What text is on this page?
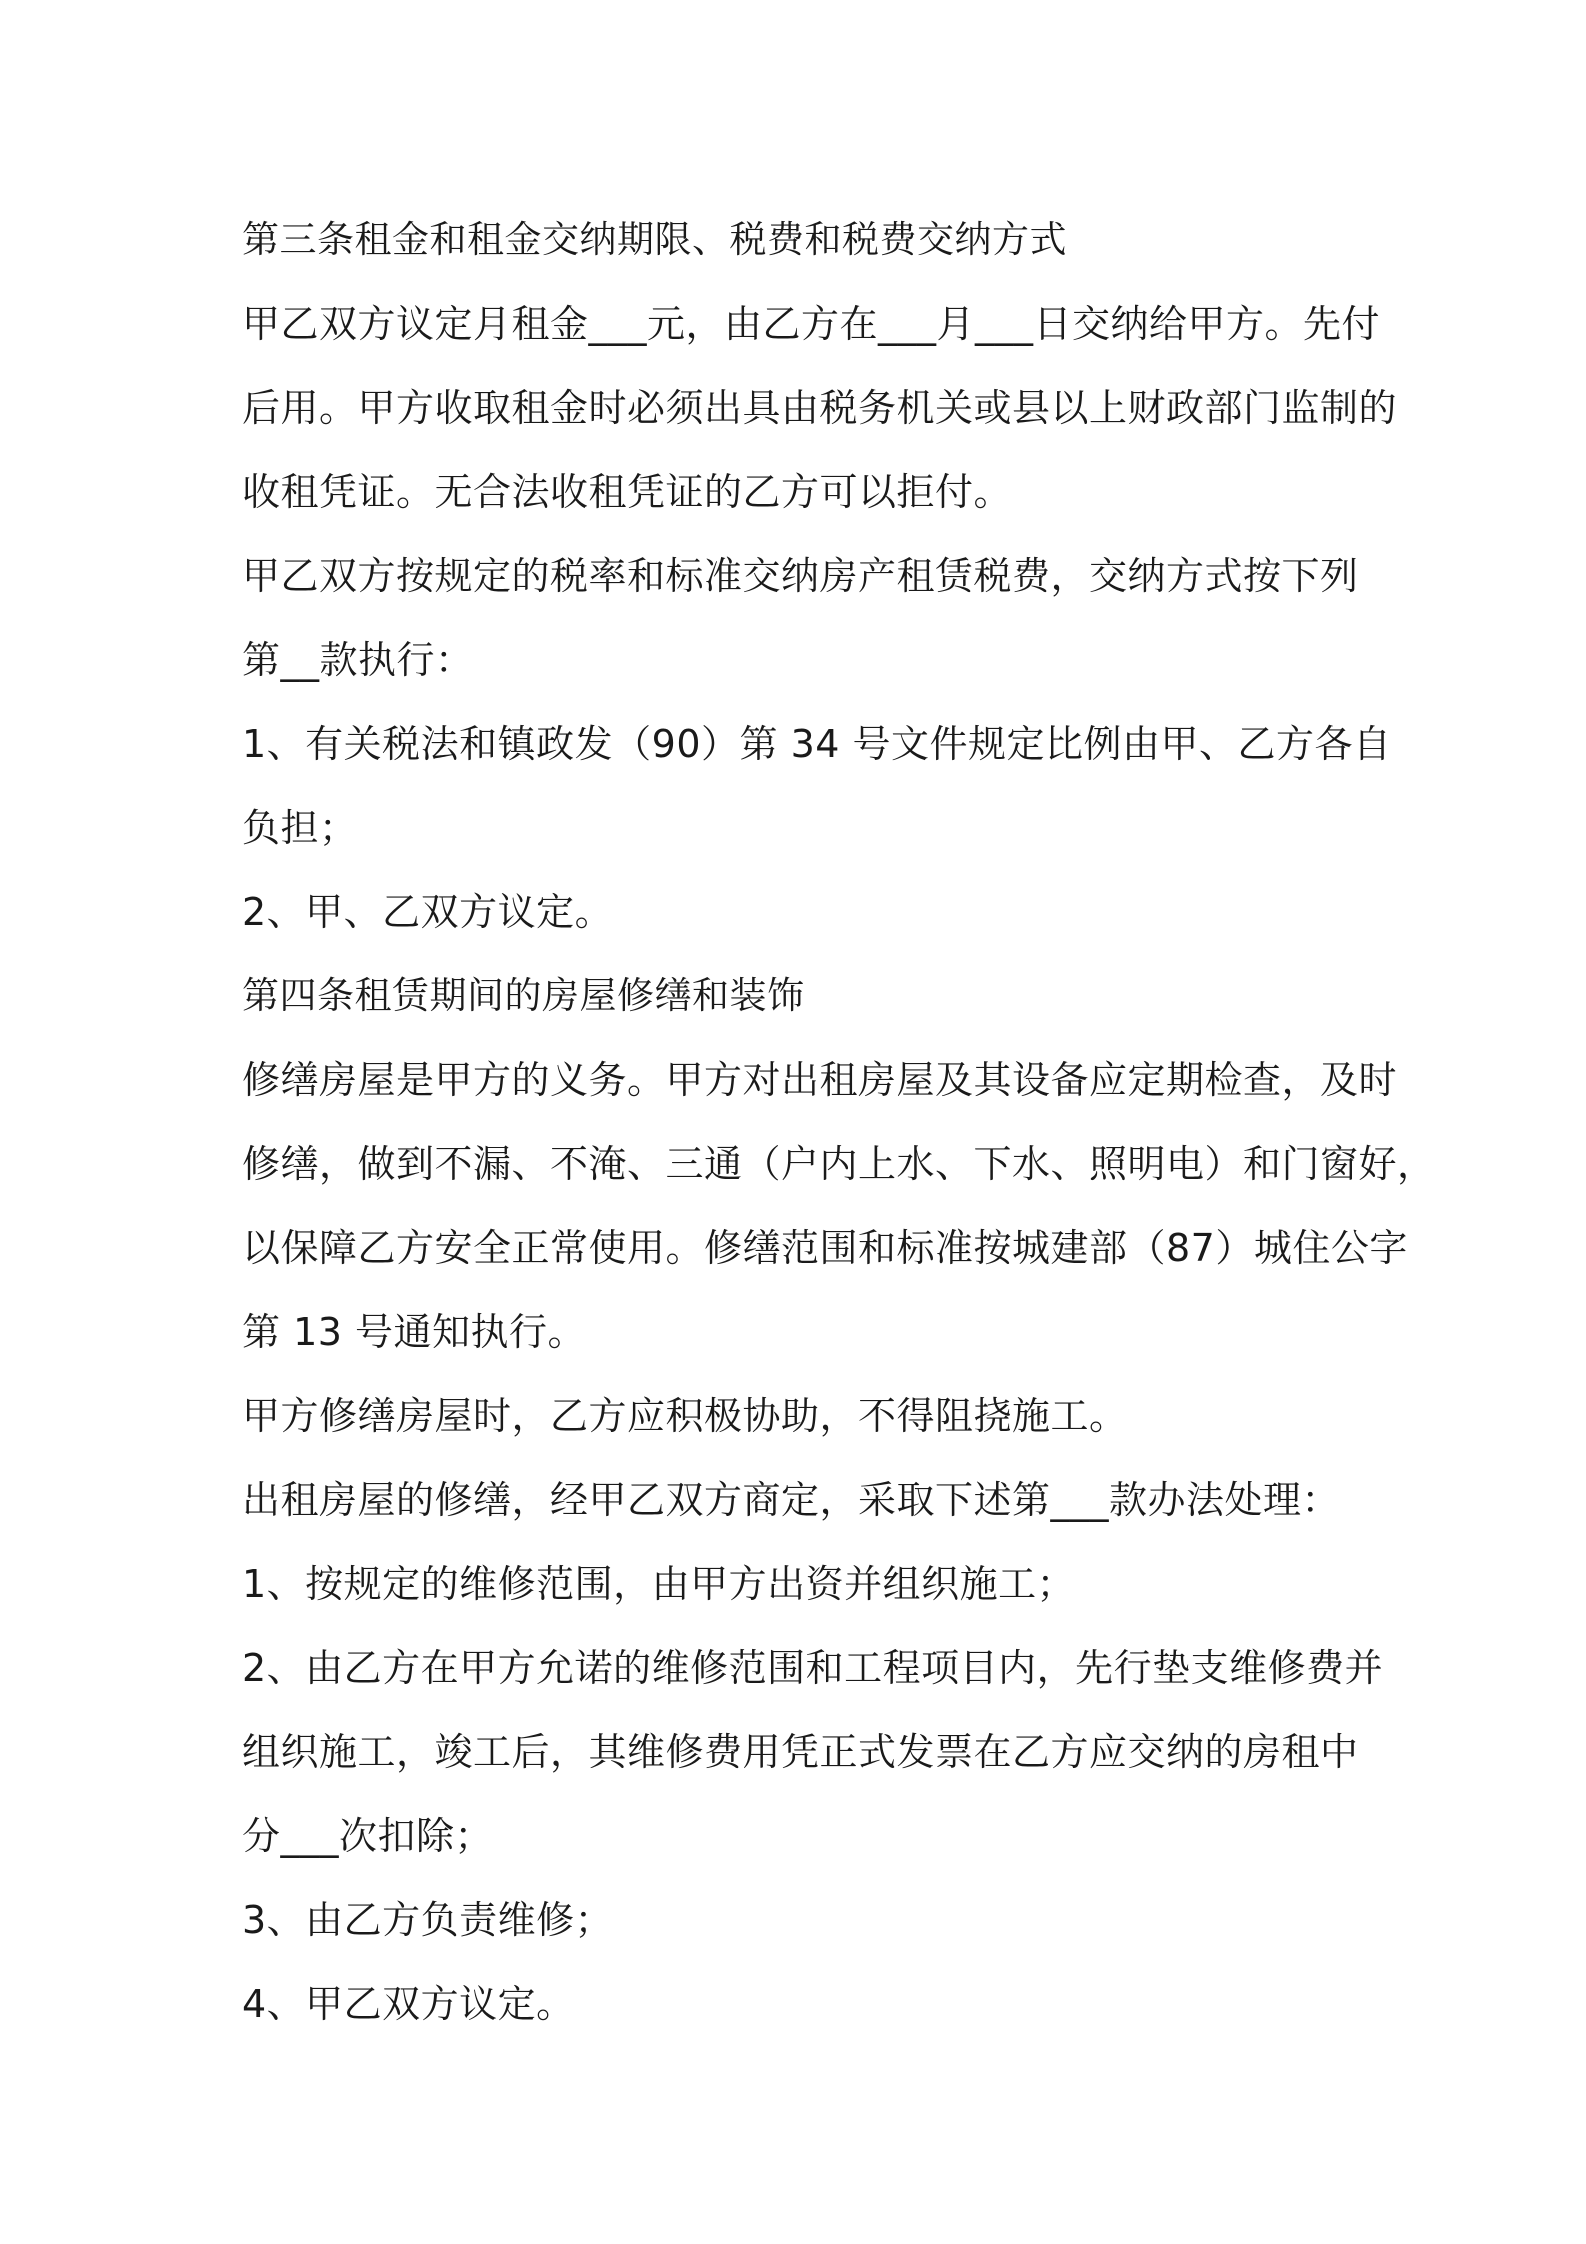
第三条租金和租金交纳期限、税费和税费交纳方式
甲乙双方议定月租金___元，由乙方在___月___日交纳给甲方。先付
后用。甲方收取租金时必须出具由税务机关或县以上财政部门监制的
收租凭证。无合法收租凭证的乙方可以拒付。
甲乙双方按规定的税率和标准交纳房产租赁税费，交纳方式按下列
第__款执行：
1、有关税法和镇政发（90）第 34 号文件规定比例由甲、乙方各自
负担；
2、甲、乙双方议定。
第四条租赁期间的房屋修缮和装饰
修缮房屋是甲方的义务。甲方对出租房屋及其设备应定期检查，及时
修缮，做到不漏、不淹、三通（户内上水、下水、照明电）和门窗好，
以保障乙方安全正常使用。修缮范围和标准按城建部（87）城住公字
第 13 号通知执行。
甲方修缮房屋时，乙方应积极协助，不得阻挠施工。
出租房屋的修缮，经甲乙双方商定，采取下述第___款办法处理：
1、按规定的维修范围，由甲方出资并组织施工；
2、由乙方在甲方允诺的维修范围和工程项目内，先行垫支维修费并
组织施工，竣工后，其维修费用凭正式发票在乙方应交纳的房租中
分___次扣除；
3、由乙方负责维修；
4、甲乙双方议定。
